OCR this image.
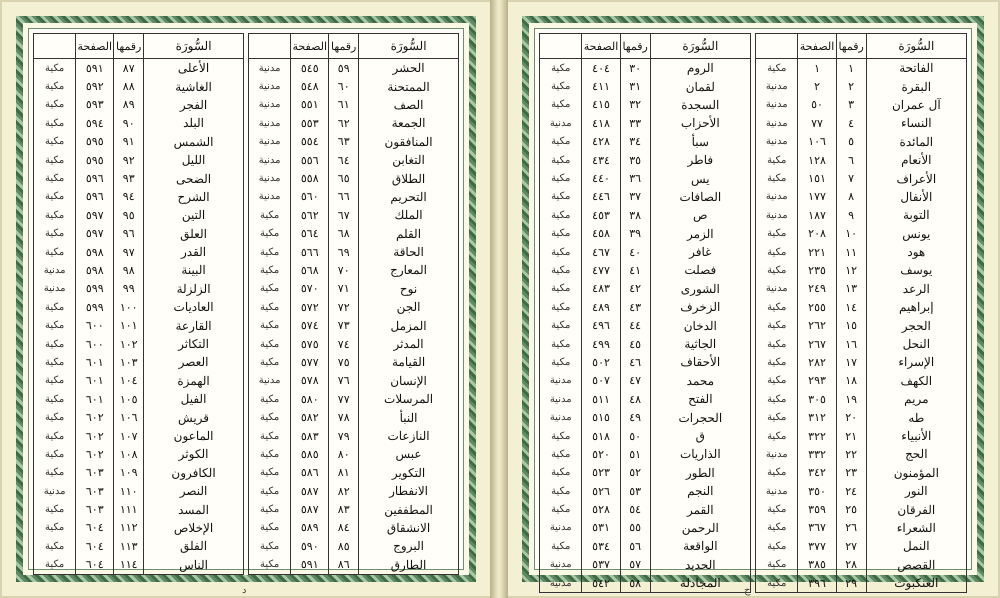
السُّورَة	رقمها	الصفحة	
الحشر	٥٩	٥٤٥	مدنية
الممتحنة	٦٠	٥٤٨	مدنية
الصف	٦١	٥٥١	مدنية
الجمعة	٦٢	٥٥٣	مدنية
المنافقون	٦٣	٥٥٤	مدنية
التغابن	٦٤	٥٥٦	مدنية
الطلاق	٦٥	٥٥٨	مدنية
التحريم	٦٦	٥٦٠	مدنية
الملك	٦٧	٥٦٢	مكية
القلم	٦٨	٥٦٤	مكية
الحاقة	٦٩	٥٦٦	مكية
المعارج	٧٠	٥٦٨	مكية
نوح	٧١	٥٧٠	مكية
الجن	٧٢	٥٧٢	مكية
المزمل	٧٣	٥٧٤	مكية
المدثر	٧٤	٥٧٥	مكية
القيامة	٧٥	٥٧٧	مكية
الإنسان	٧٦	٥٧٨	مدنية
المرسلات	٧٧	٥٨٠	مكية
النبأ	٧٨	٥٨٢	مكية
النازعات	٧٩	٥٨٣	مكية
عبس	٨٠	٥٨٥	مكية
التكوير	٨١	٥٨٦	مكية
الانفطار	٨٢	٥٨٧	مكية
المطففين	٨٣	٥٨٧	مكية
الانشقاق	٨٤	٥٨٩	مكية
البروج	٨٥	٥٩٠	مكية
الطارق	٨٦	٥٩١	مكية
السُّورَة	رقمها	الصفحة	
الأعلى	٨٧	٥٩١	مكية
الغاشية	٨٨	٥٩٢	مكية
الفجر	٨٩	٥٩٣	مكية
البلد	٩٠	٥٩٤	مكية
الشمس	٩١	٥٩٥	مكية
الليل	٩٢	٥٩٥	مكية
الضحى	٩٣	٥٩٦	مكية
الشرح	٩٤	٥٩٦	مكية
التين	٩٥	٥٩٧	مكية
العلق	٩٦	٥٩٧	مكية
القدر	٩٧	٥٩٨	مكية
البينة	٩٨	٥٩٨	مدنية
الزلزلة	٩٩	٥٩٩	مدنية
العاديات	١٠٠	٥٩٩	مكية
القارعة	١٠١	٦٠٠	مكية
التكاثر	١٠٢	٦٠٠	مكية
العصر	١٠٣	٦٠١	مكية
الهمزة	١٠٤	٦٠١	مكية
الفيل	١٠٥	٦٠١	مكية
قريش	١٠٦	٦٠٢	مكية
الماعون	١٠٧	٦٠٢	مكية
الكوثر	١٠٨	٦٠٢	مكية
الكافرون	١٠٩	٦٠٣	مكية
النصر	١١٠	٦٠٣	مدنية
المسد	١١١	٦٠٣	مكية
الإخلاص	١١٢	٦٠٤	مكية
الفلق	١١٣	٦٠٤	مكية
الناس	١١٤	٦٠٤	مكية
د
السُّورَة	رقمها	الصفحة	
الفاتحة	١	١	مكية
البقرة	٢	٢	مدنية
آل عمران	٣	٥٠	مدنية
النساء	٤	٧٧	مدنية
المائدة	٥	١٠٦	مدنية
الأنعام	٦	١٢٨	مكية
الأعراف	٧	١٥١	مكية
الأنفال	٨	١٧٧	مدنية
التوبة	٩	١٨٧	مدنية
يونس	١٠	٢٠٨	مكية
هود	١١	٢٢١	مكية
يوسف	١٢	٢٣٥	مكية
الرعد	١٣	٢٤٩	مدنية
إبراهيم	١٤	٢٥٥	مكية
الحجر	١٥	٢٦٢	مكية
النحل	١٦	٢٦٧	مكية
الإسراء	١٧	٢٨٢	مكية
الكهف	١٨	٢٩٣	مكية
مريم	١٩	٣٠٥	مكية
طه	٢٠	٣١٢	مكية
الأنبياء	٢١	٣٢٢	مكية
الحج	٢٢	٣٣٢	مدنية
المؤمنون	٢٣	٣٤٢	مكية
النور	٢٤	٣٥٠	مدنية
الفرقان	٢٥	٣٥٩	مكية
الشعراء	٢٦	٣٦٧	مكية
النمل	٢٧	٣٧٧	مكية
القصص	٢٨	٣٨٥	مكية
العنكبوت	٢٩	٣٩٦	مكية
السُّورَة	رقمها	الصفحة	
الروم	٣٠	٤٠٤	مكية
لقمان	٣١	٤١١	مكية
السجدة	٣٢	٤١٥	مكية
الأحزاب	٣٣	٤١٨	مدنية
سبأ	٣٤	٤٢٨	مكية
فاطر	٣٥	٤٣٤	مكية
يس	٣٦	٤٤٠	مكية
الصافات	٣٧	٤٤٦	مكية
ص	٣٨	٤٥٣	مكية
الزمر	٣٩	٤٥٨	مكية
غافر	٤٠	٤٦٧	مكية
فصلت	٤١	٤٧٧	مكية
الشورى	٤٢	٤٨٣	مكية
الزخرف	٤٣	٤٨٩	مكية
الدخان	٤٤	٤٩٦	مكية
الجاثية	٤٥	٤٩٩	مكية
الأحقاف	٤٦	٥٠٢	مكية
محمد	٤٧	٥٠٧	مدنية
الفتح	٤٨	٥١١	مدنية
الحجرات	٤٩	٥١٥	مدنية
ق	٥٠	٥١٨	مكية
الذاريات	٥١	٥٢٠	مكية
الطور	٥٢	٥٢٣	مكية
النجم	٥٣	٥٢٦	مكية
القمر	٥٤	٥٢٨	مكية
الرحمن	٥٥	٥٣١	مدنية
الواقعة	٥٦	٥٣٤	مكية
الحديد	٥٧	٥٣٧	مدنية
المجادلة	٥٨	٥٤٢	مدنية
ج
